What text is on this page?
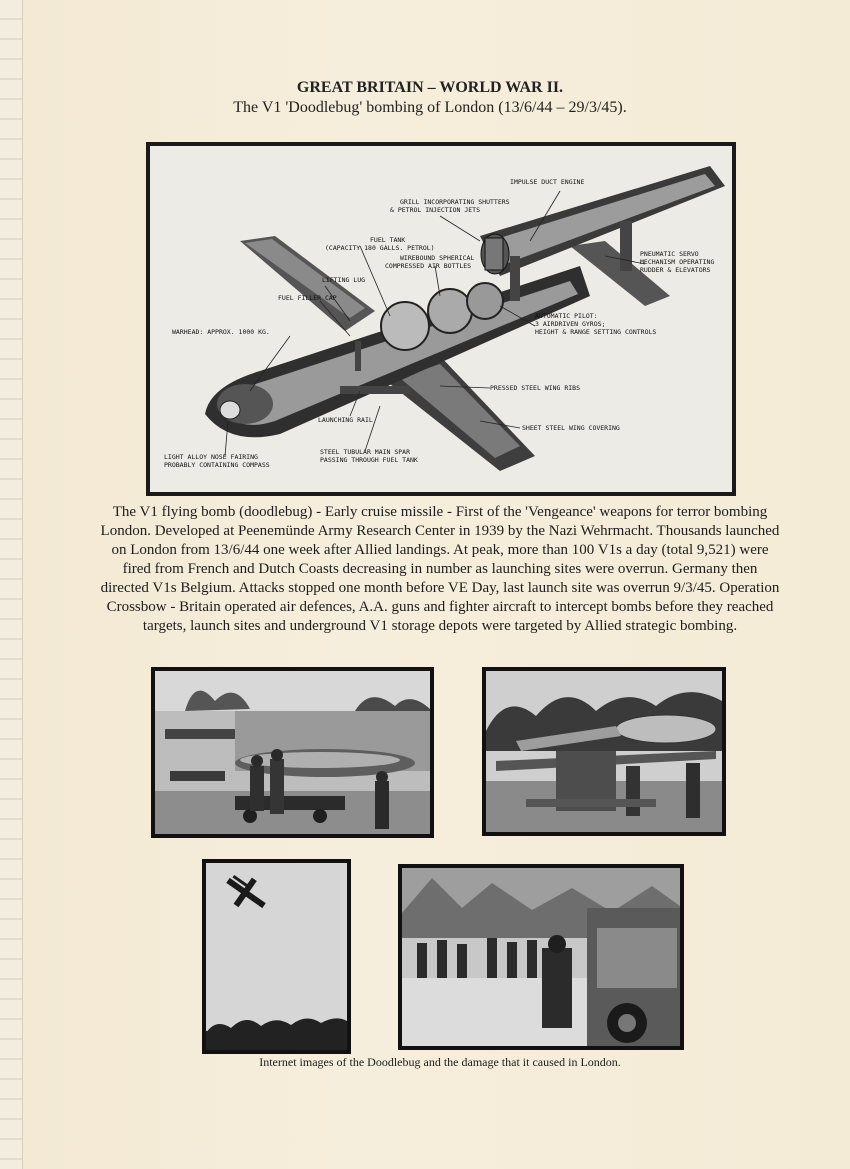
GREAT BRITAIN – WORLD WAR II.
The V1 'Doodlebug' bombing of London (13/6/44 – 29/3/45).
IMPULSE DUCT ENGINE
GRILL INCORPORATING SHUTTERS
& PETROL INJECTION JETS
FUEL TANK
(CAPACITY 180 GALLS. PETROL)
WIREBOUND SPHERICAL
COMPRESSED AIR BOTTLES
LIFTING LUG
FUEL FILLER CAP
PNEUMATIC SERVO
MECHANISM OPERATING
RUDDER & ELEVATORS
AUTOMATIC PILOT:
3 AIRDRIVEN GYROS;
HEIGHT & RANGE SETTING CONTROLS
WARHEAD: APPROX. 1000 KG.
PRESSED STEEL WING RIBS
LAUNCHING RAIL
SHEET STEEL WING COVERING
LIGHT ALLOY NOSE FAIRING
PROBABLY CONTAINING COMPASS
STEEL TUBULAR MAIN SPAR
PASSING THROUGH FUEL TANK

The V1 flying bomb (doodlebug) - Early cruise missile - First of the 'Vengeance' weapons for terror bombing London. Developed at Peenemünde Army Research Center in 1939 by the Nazi Wehrmacht. Thousands launched on London from 13/6/44 one week after Allied landings. At peak, more than 100 V1s a day (total 9,521) were fired from French and Dutch Coasts decreasing in number as launching sites were overrun. Germany then directed V1s Belgium. Attacks stopped one month before VE Day, last launch site was overrun 9/3/45. Operation Crossbow - Britain operated air defences, A.A. guns and fighter aircraft to intercept bombs before they reached targets, launch sites and underground V1 storage depots were targeted by Allied strategic bombing.

Internet images of the Doodlebug and the damage that it caused in London.
